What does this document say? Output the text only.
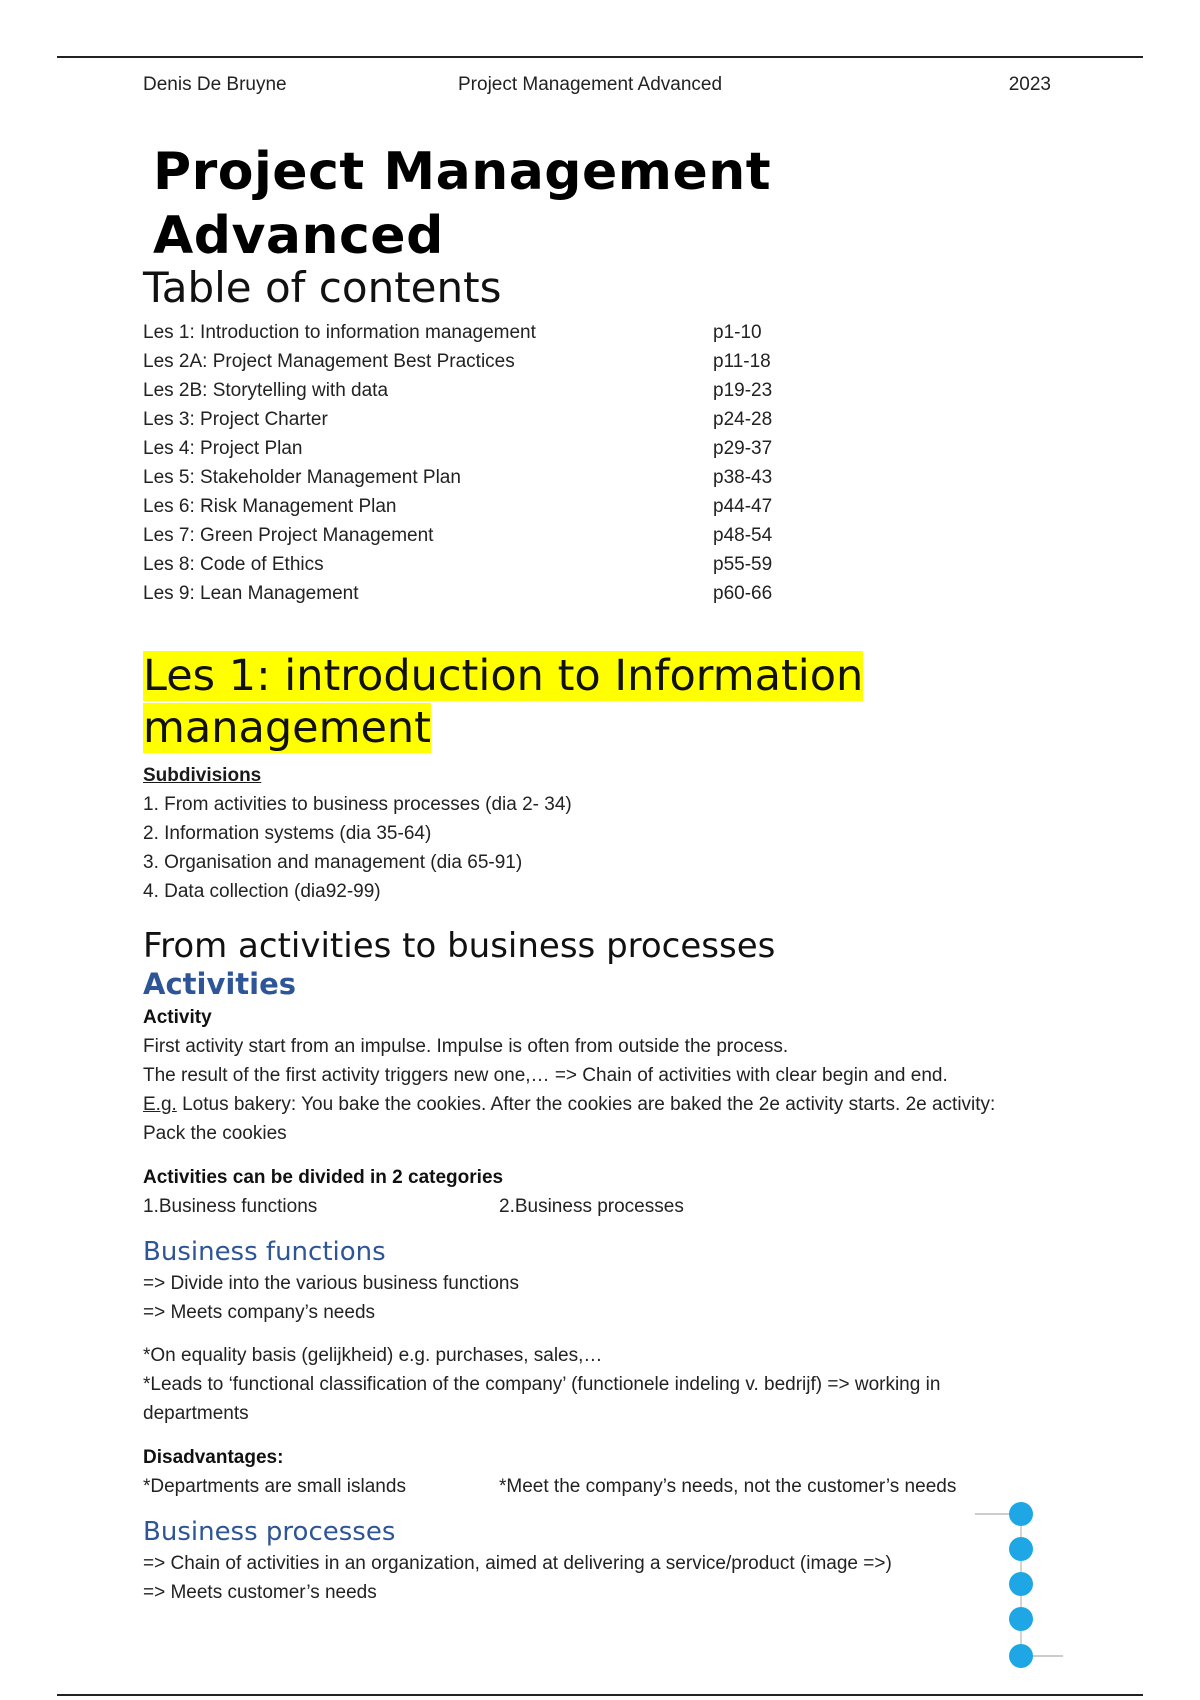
Denis De Bruyne	Project Management Advanced	2023
Project Management Advanced
Table of contents
Les 1: Introduction to information management	p1-10
Les 2A: Project Management Best Practices	p11-18
Les 2B: Storytelling with data	p19-23
Les 3: Project Charter	p24-28
Les 4: Project Plan	p29-37
Les 5: Stakeholder Management Plan	p38-43
Les 6: Risk Management Plan	p44-47
Les 7: Green Project Management	p48-54
Les 8: Code of Ethics	p55-59
Les 9: Lean Management	p60-66
Les 1: introduction to Information
management
Subdivisions
1. From activities to business processes (dia 2- 34)
2. Information systems (dia 35-64)
3. Organisation and management (dia 65-91)
4. Data collection (dia92-99)
From activities to business processes
Activities
Activity
First activity start from an impulse. Impulse is often from outside the process.
The result of the first activity triggers new one,… => Chain of activities with clear begin and end.
E.g. Lotus bakery: You bake the cookies. After the cookies are baked the 2e activity starts. 2e activity:
Pack the cookies
Activities can be divided in 2 categories
1.Business functions	2.Business processes
Business functions
=> Divide into the various business functions
=> Meets company’s needs
*On equality basis (gelijkheid) e.g. purchases, sales,…
*Leads to ‘functional classification of the company’ (functionele indeling v. bedrijf) => working in
departments
Disadvantages:
*Departments are small islands	*Meet the company’s needs, not the customer’s needs
Business processes
=> Chain of activities in an organization, aimed at delivering a service/product (image =>)
=> Meets customer’s needs
